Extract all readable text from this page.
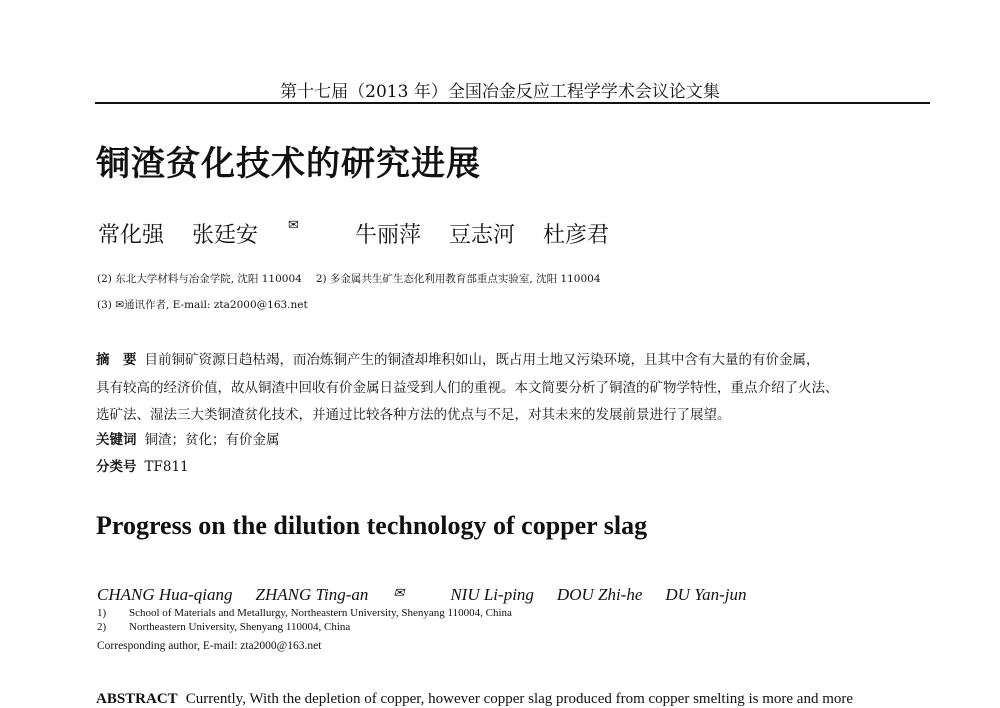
第十七届（2013 年）全国冶金反应工程学学术会议论文集
铜渣贫化技术的研究进展
常化强 张廷安 ✉	牛丽萍 豆志河 杜彦君
(2) 东北大学材料与冶金学院, 沈阳 110004 2) 多金属共生矿生态化利用教育部重点实验室, 沈阳 110004
(3) ✉通讯作者, E-mail: zta2000@163.net
摘　要 目前铜矿资源日趋枯竭，而冶炼铜产生的铜渣却堆积如山，既占用土地又污染环境，且其中含有大量的有价金属，
具有较高的经济价值，故从铜渣中回收有价金属日益受到人们的重视。本文简要分析了铜渣的矿物学特性，重点介绍了火法、
选矿法、湿法三大类铜渣贫化技术，并通过比较各种方法的优点与不足，对其未来的发展前景进行了展望。
关键词 铜渣；贫化；有价金属
分类号 TF811
Progress on the dilution technology of copper slag
CHANG Hua-qiang ZHANG Ting-an ✉	NIU Li-ping DOU Zhi-he DU Yan-jun
1) School of Materials and Metallurgy, Northeastern University, Shenyang 110004, China
2) Northeastern University, Shenyang 110004, China
Corresponding author, E-mail: zta2000@163.net
ABSTRACT Currently, With the depletion of copper, however copper slag produced from copper smelting is more and more
